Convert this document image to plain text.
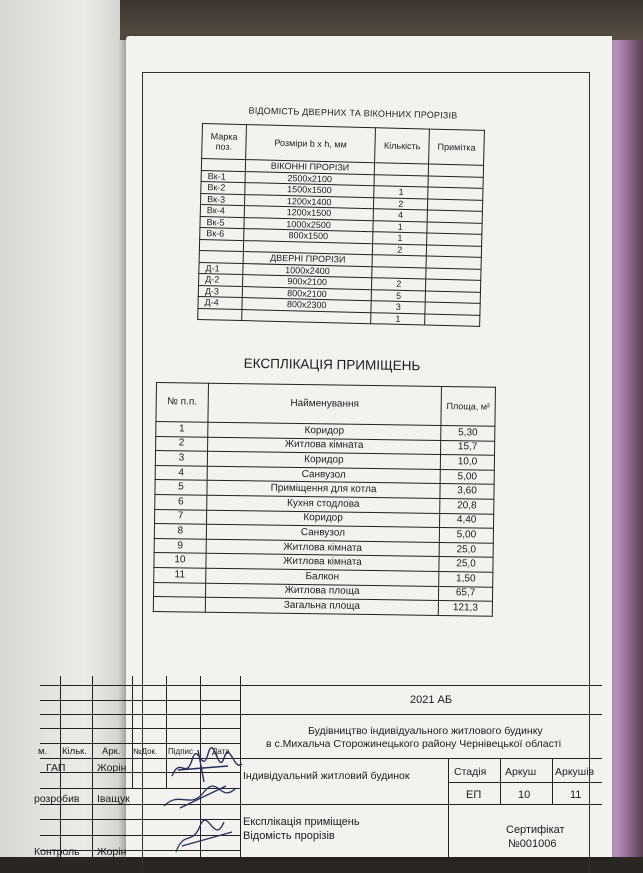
ВІДОМІСТЬ ДВЕРНИХ ТА ВІКОННИХ ПРОРІЗІВ
Марка поз.	Розміри b x h, мм	Кількість	Примітка
	ВІКОННІ ПРОРІЗИ		
Вк-1	2500x2100		
Вк-2	1500x1500	1	
Вк-3	1200x1400	2	
Вк-4	1200x1500	4	
Вк-5	1000x2500	1	
Вк-6	800x1500	1	
		2	
	ДВЕРНІ ПРОРІЗИ		
Д-1	1000x2400		
Д-2	900x2100	2	
Д-3	800x2100	5	
Д-4	800x2300	3	
		1	
ЕКСПЛІКАЦІЯ ПРИМІЩЕНЬ
№ п.п.	Найменування	Площа, м²
1	Коридор	5,30
2	Житлова кімната	15,7
3	Коридор	10,0
4	Санвузол	5,00
5	Приміщення для котла	3,60
6	Кухня стодлова	20,8
7	Коридор	4,40
8	Санвузол	5,00
9	Житлова кімната	25,0
10	Житлова кімната	25,0
11	Балкон	1,50
	Житлова площа	65,7
	Загальна площа	121,3
2021 АБ
Будівництво індивідуального житлового будинку
в с.Михальча Сторожинецького району Чернівецької області
м. Кільк. Арк. №Док. Підпис Дата
ГАП	Жорін
розробив Іващук
Контроль Жорін
Індивідуальний житловий будинок	Стадія Аркуш Аркушів
ЕП	10	11
Експлікація приміщень
Відомість прорізів	Сертифікат
№001006
